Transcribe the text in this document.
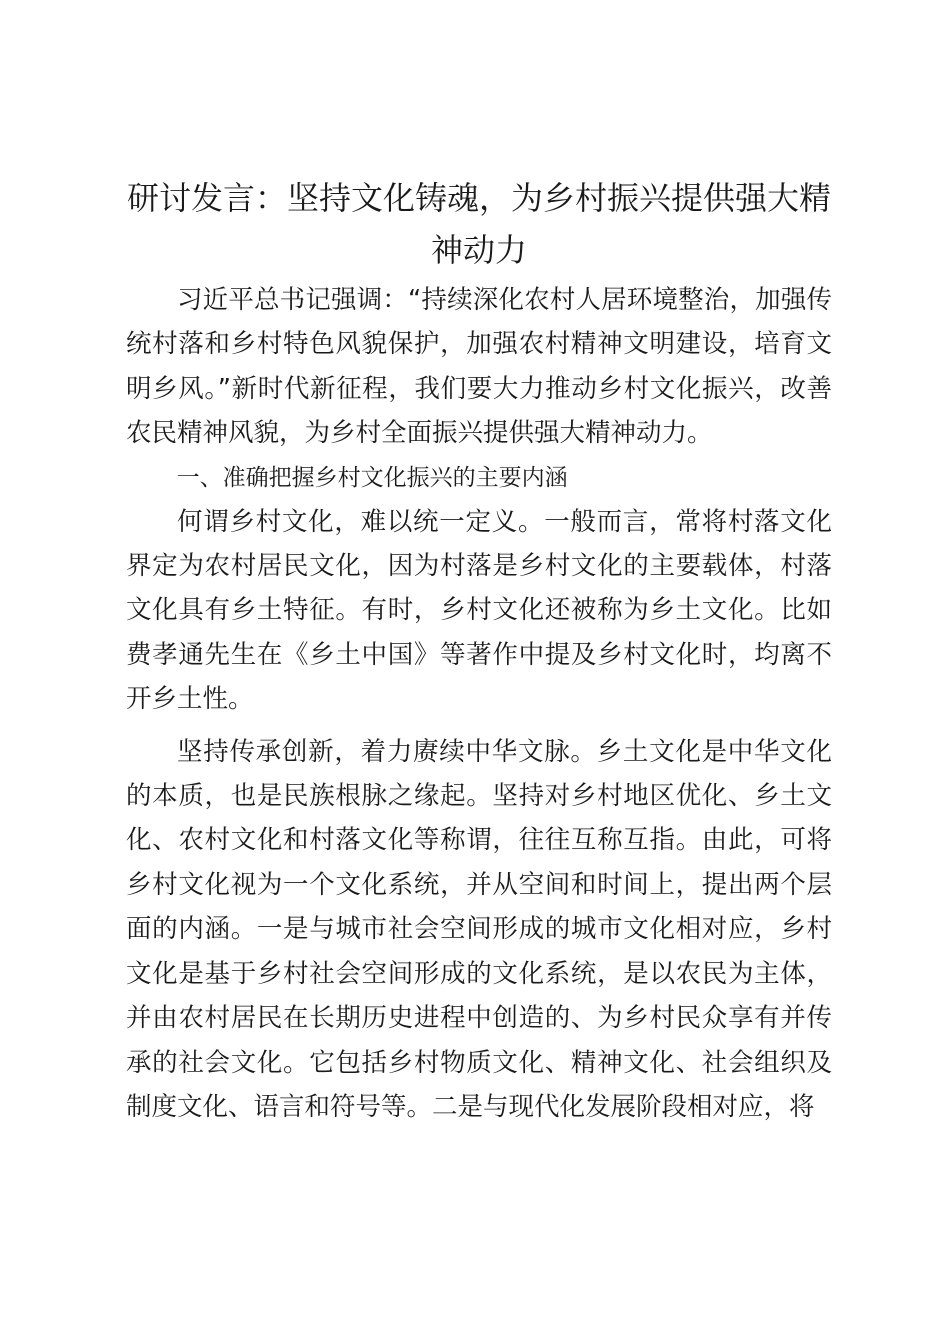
研讨发言：坚持文化铸魂，为乡村振兴提供强大精神动力

习近平总书记强调：“持续深化农村人居环境整治，加强传统村落和乡村特色风貌保护，加强农村精神文明建设，培育文明乡风。”新时代新征程，我们要大力推动乡村文化振兴，改善农民精神风貌，为乡村全面振兴提供强大精神动力。

一、准确把握乡村文化振兴的主要内涵

何谓乡村文化，难以统一定义。一般而言，常将村落文化界定为农村居民文化，因为村落是乡村文化的主要载体，村落文化具有乡土特征。有时，乡村文化还被称为乡土文化。比如费孝通先生在《乡土中国》等著作中提及乡村文化时，均离不开乡土性。

坚持传承创新，着力赓续中华文脉。乡土文化是中华文化的本质，也是民族根脉之缘起。坚持对乡村地区优化、乡土文化、农村文化和村落文化等称谓，往往互称互指。由此，可将乡村文化视为一个文化系统，并从空间和时间上，提出两个层面的内涵。一是与城市社会空间形成的城市文化相对应，乡村文化是基于乡村社会空间形成的文化系统，是以农民为主体，并由农村居民在长期历史进程中创造的、为乡村民众享有并传承的社会文化。它包括乡村物质文化、精神文化、社会组织及制度文化、语言和符号等。二是与现代化发展阶段相对应，将
